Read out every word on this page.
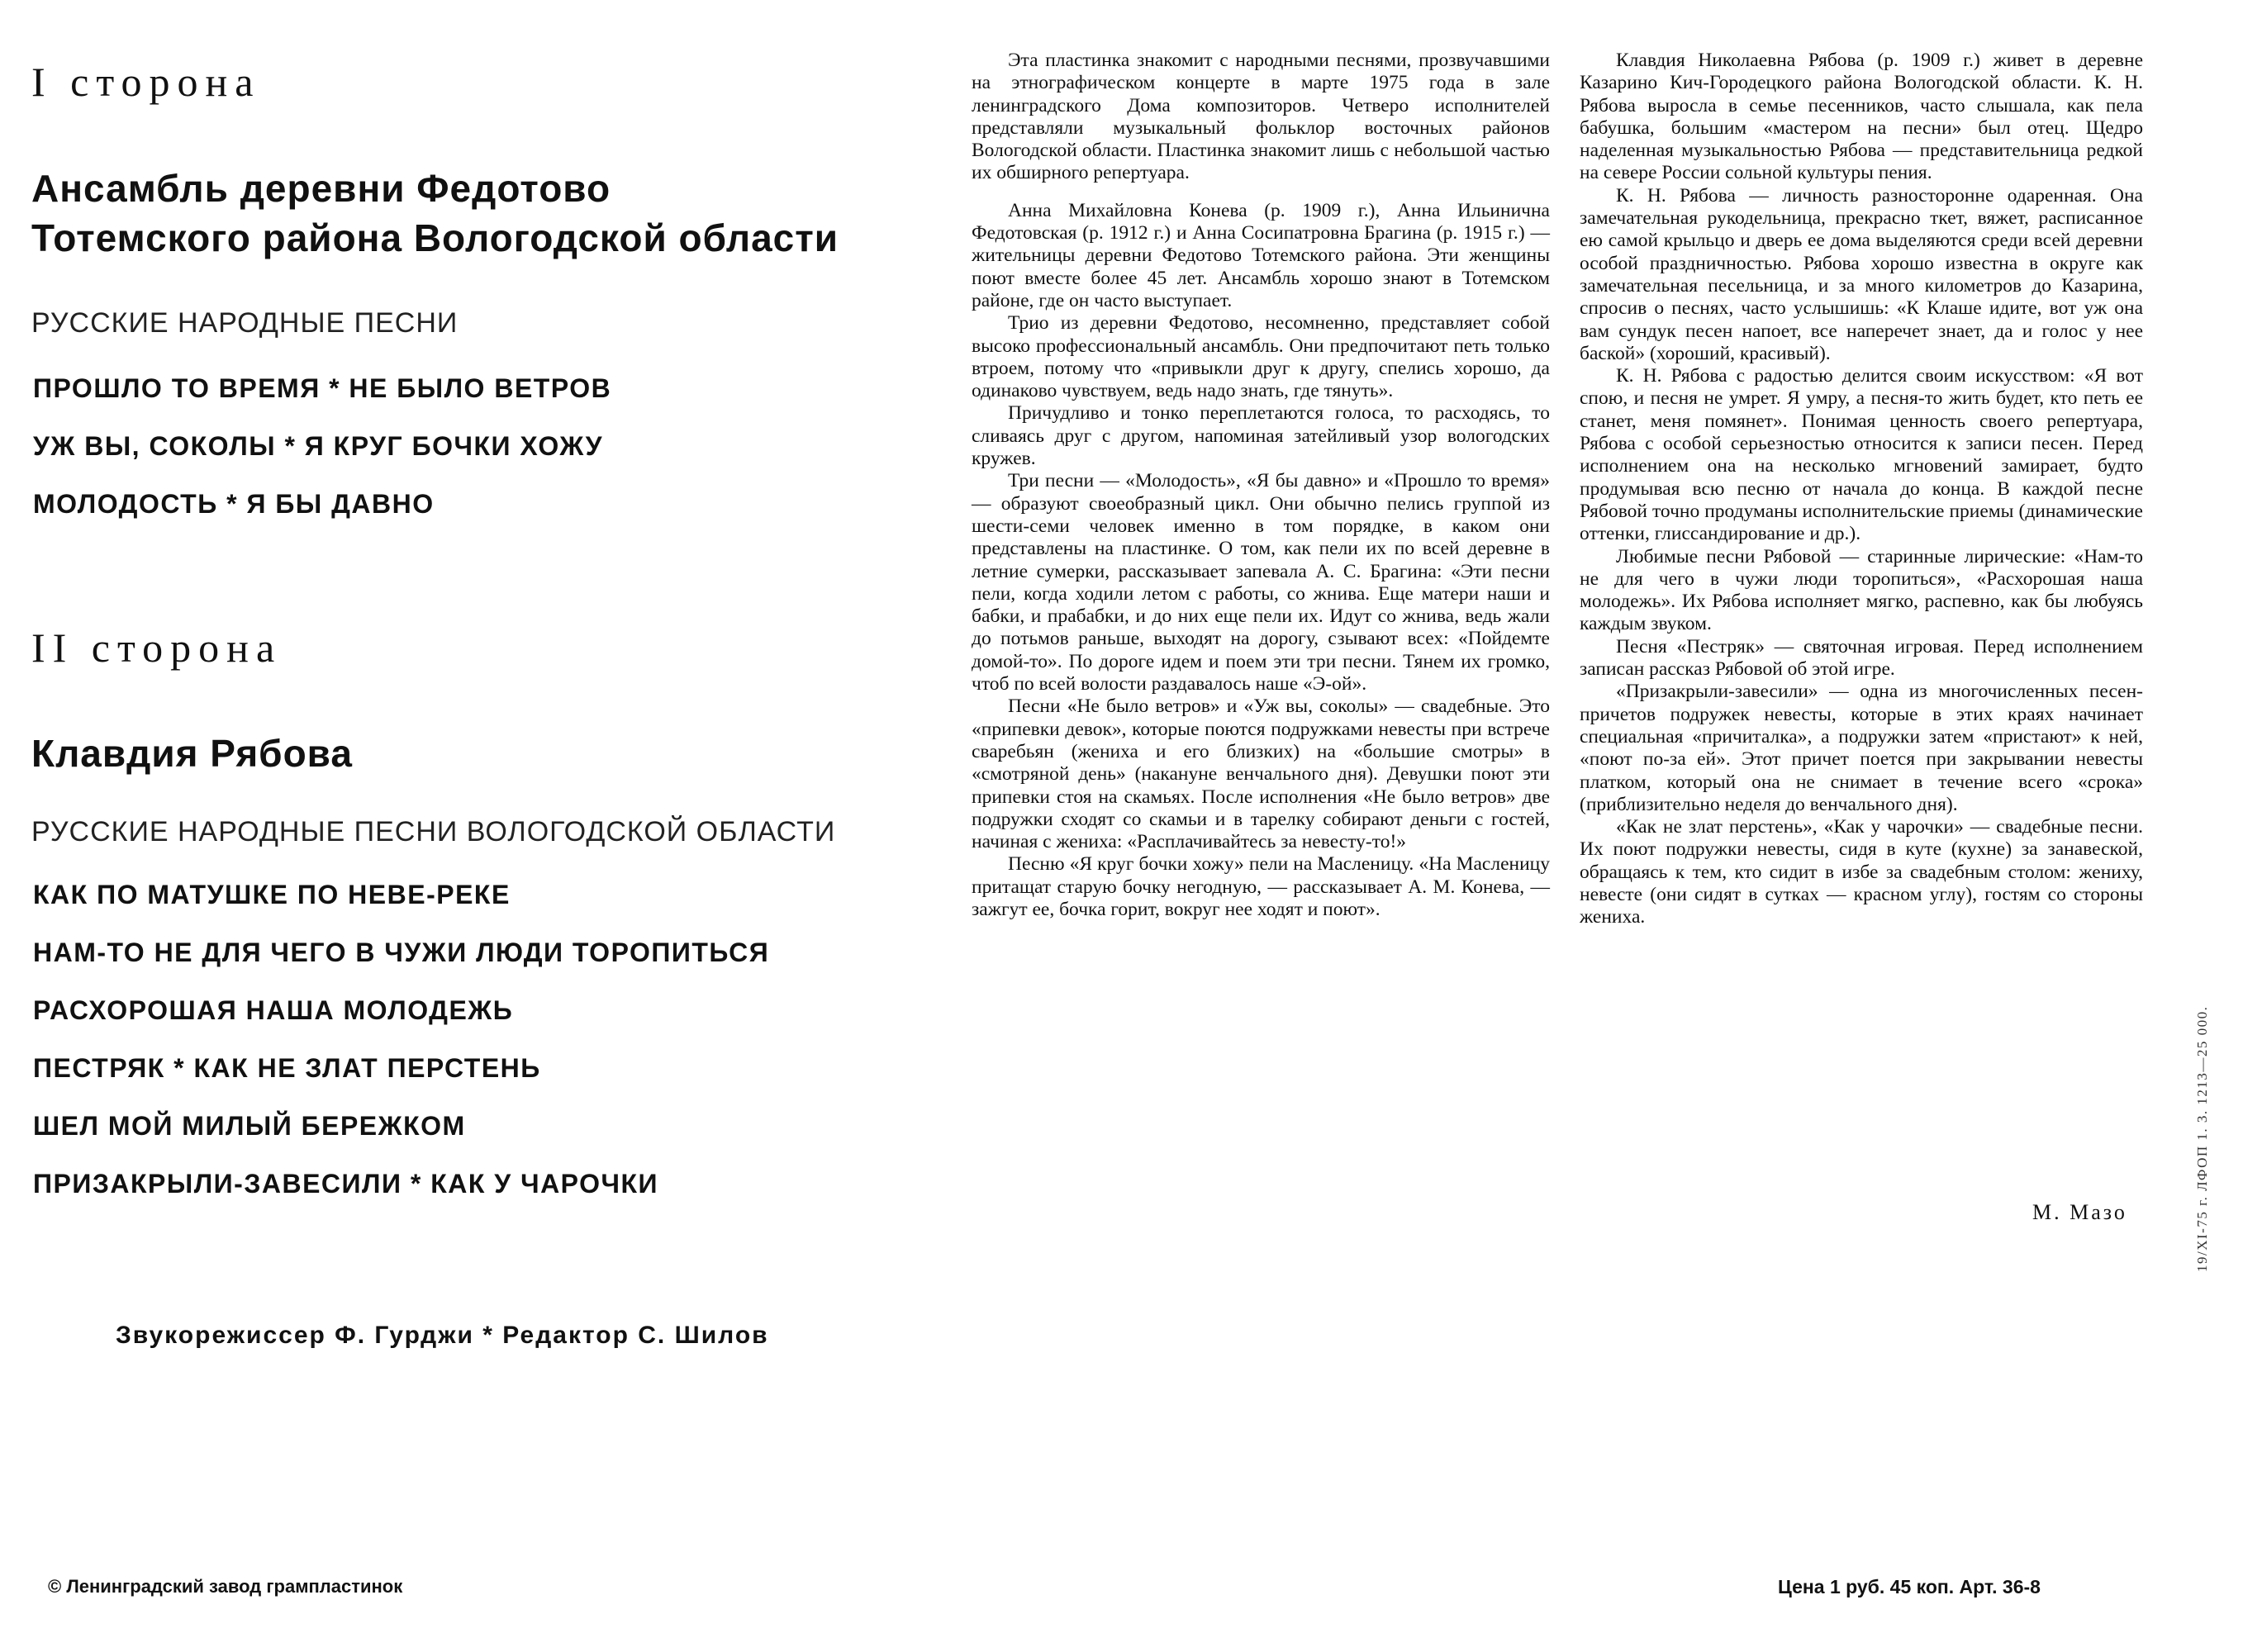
I сторона
Ансамбль деревни Федотово
Тотемского района Вологодской области
РУССКИЕ НАРОДНЫЕ ПЕСНИ
ПРОШЛО ТО ВРЕМЯ * НЕ БЫЛО ВЕТРОВ
УЖ ВЫ, СОКОЛЫ * Я КРУГ БОЧКИ ХОЖУ
МОЛОДОСТЬ * Я БЫ ДАВНО
II сторона
Клавдия Рябова
РУССКИЕ НАРОДНЫЕ ПЕСНИ ВОЛОГОДСКОЙ ОБЛАСТИ
КАК ПО МАТУШКЕ ПО НЕВЕ-РЕКЕ
НАМ-ТО НЕ ДЛЯ ЧЕГО В ЧУЖИ ЛЮДИ ТОРОПИТЬСЯ
РАСХОРОШАЯ НАША МОЛОДЕЖЬ
ПЕСТРЯК * КАК НЕ ЗЛАТ ПЕРСТЕНЬ
ШЕЛ МОЙ МИЛЫЙ БЕРЕЖКОМ
ПРИЗАКРЫЛИ-ЗАВЕСИЛИ * КАК У ЧАРОЧКИ
Звукорежиссер Ф. Гурджи * Редактор С. Шилов
© Ленинградский завод грампластинок

Эта пластинка знакомит с народными песнями, прозвучавшими на этнографическом концерте в марте 1975 года в зале ленинградского Дома композиторов. Четверо исполнителей представляли музыкальный фольклор восточных районов Вологодской области. Пластинка знакомит лишь с небольшой частью их обширного репертуара.

Анна Михайловна Конева (р. 1909 г.), Анна Ильинична Федотовская (р. 1912 г.) и Анна Сосипатровна Брагина (р. 1915 г.) — жительницы деревни Федотово Тотемского района. Эти женщины поют вместе более 45 лет. Ансамбль хорошо знают в Тотемском районе, где он часто выступает.

Трио из деревни Федотово, несомненно, представляет собой высоко профессиональный ансамбль. Они предпочитают петь только втроем, потому что «привыкли друг к другу, спелись хорошо, да одинаково чувствуем, ведь надо знать, где тянуть».

Причудливо и тонко переплетаются голоса, то расходясь, то сливаясь друг с другом, напоминая затейливый узор вологодских кружев.

Три песни — «Молодость», «Я бы давно» и «Прошло то время» — образуют своеобразный цикл. Они обычно пелись группой из шести-семи человек именно в том порядке, в каком они представлены на пластинке. О том, как пели их по всей деревне в летние сумерки, рассказывает запевала А. С. Брагина: «Эти песни пели, когда ходили летом с работы, со жнива. Еще матери наши и бабки, и прабабки, и до них еще пели их. Идут со жнива, ведь жали до потьмов раньше, выходят на дорогу, сзывают всех: «Пойдемте домой-то». По дороге идем и поем эти три песни. Тянем их громко, чтоб по всей волости раздавалось наше «Э-ой».

Песни «Не было ветров» и «Уж вы, соколы» — свадебные. Это «припевки девок», которые поются подружками невесты при встрече сваребьян (жениха и его близких) на «большие смотры» в «смотряной день» (накануне венчального дня). Девушки поют эти припевки стоя на скамьях. После исполнения «Не было ветров» две подружки сходят со скамьи и в тарелку собирают деньги с гостей, начиная с жениха: «Расплачивайтесь за невесту-то!»

Песню «Я круг бочки хожу» пели на Масленицу. «На Масленицу притащат старую бочку негодную, — рассказывает А. М. Конева, — зажгут ее, бочка горит, вокруг нее ходят и поют».

Клавдия Николаевна Рябова (р. 1909 г.) живет в деревне Казарино Кич-Городецкого района Вологодской области. К. Н. Рябова выросла в семье песенников, часто слышала, как пела бабушка, большим «мастером на песни» был отец. Щедро наделенная музыкальностью Рябова — представительница редкой на севере России сольной культуры пения.

К. Н. Рябова — личность разносторонне одаренная. Она замечательная рукодельница, прекрасно ткет, вяжет, расписанное ею самой крыльцо и дверь ее дома выделяются среди всей деревни особой праздничностью. Рябова хорошо известна в округе как замечательная песельница, и за много километров до Казарина, спросив о песнях, часто услышишь: «К Клаше идите, вот уж она вам сундук песен напоет, все наперечет знает, да и голос у нее баской» (хороший, красивый).

К. Н. Рябова с радостью делится своим искусством: «Я вот спою, и песня не умрет. Я умру, а песня-то жить будет, кто петь ее станет, меня помянет». Понимая ценность своего репертуара, Рябова с особой серьезностью относится к записи песен. Перед исполнением она на несколько мгновений замирает, будто продумывая всю песню от начала до конца. В каждой песне Рябовой точно продуманы исполнительские приемы (динамические оттенки, глиссандирование и др.).

Любимые песни Рябовой — старинные лирические: «Нам-то не для чего в чужи люди торопиться», «Расхорошая наша молодежь». Их Рябова исполняет мягко, распевно, как бы любуясь каждым звуком.

Песня «Пестряк» — святочная игровая. Перед исполнением записан рассказ Рябовой об этой игре.

«Призакрыли-завесили» — одна из многочисленных песен-причетов подружек невесты, которые в этих краях начинает специальная «причиталка», а подружки затем «пристают» к ней, «поют по-за ей». Этот причет поется при закрывании невесты платком, который она не снимает в течение всего «срока» (приблизительно неделя до венчального дня).

«Как не злат перстень», «Как у чарочки» — свадебные песни. Их поют подружки невесты, сидя в куте (кухне) за занавеской, обращаясь к тем, кто сидит в избе за свадебным столом: жениху, невесте (они сидят в сутках — красном углу), гостям со стороны жениха.

М. Мазо
Цена 1 руб. 45 коп. Арт. 36-8
19/XI-75 г. ЛФОП 1. 3. 1213—25 000.
